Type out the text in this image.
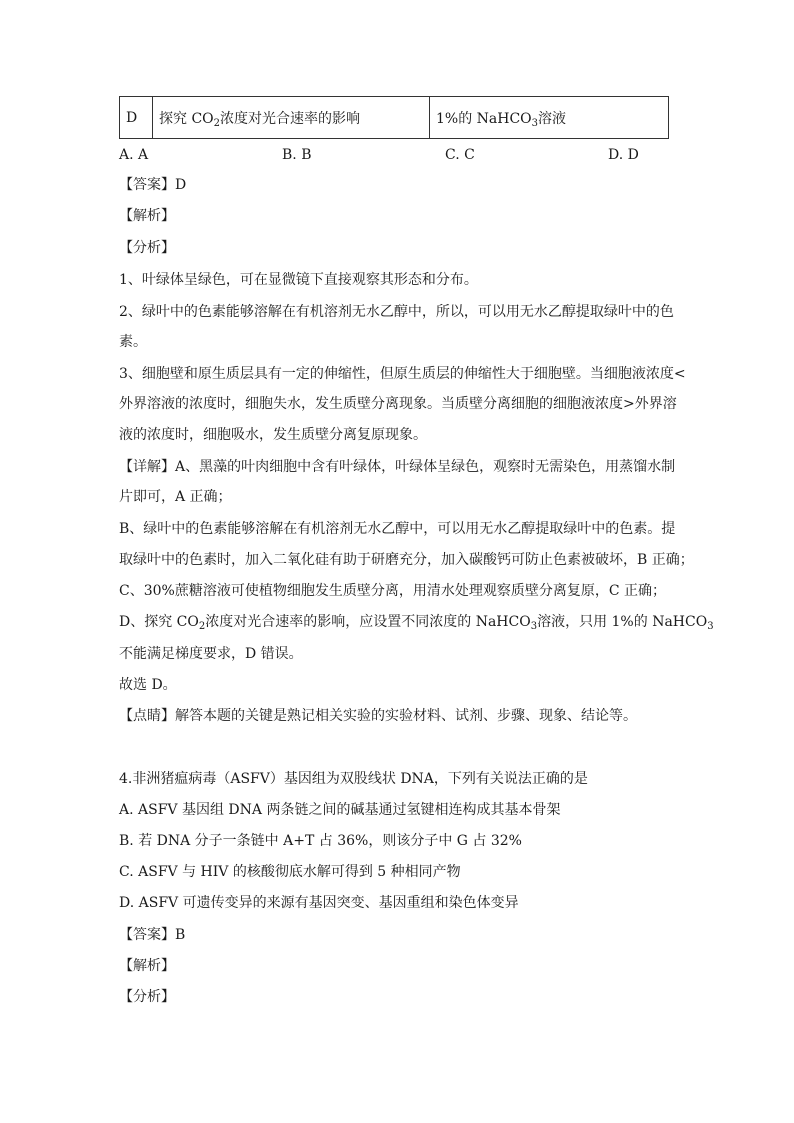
D	探究 $CO_2$浓度对光合速率的影响	1%的 NaHCO$_3$溶液
A. A	B. B	C. C	D. D
【答案】D
【解析】
【分析】
1、叶绿体呈绿色，可在显微镜下直接观察其形态和分布。
2、绿叶中的色素能够溶解在有机溶剂无水乙醇中，所以，可以用无水乙醇提取绿叶中的色
素。
3、细胞壁和原生质层具有一定的伸缩性，但原生质层的伸缩性大于细胞壁。当细胞液浓度<
外界溶液的浓度时，细胞失水，发生质壁分离现象。当质壁分离细胞的细胞液浓度>外界溶
液的浓度时，细胞吸水，发生质壁分离复原现象。
【详解】A、黑藻的叶肉细胞中含有叶绿体，叶绿体呈绿色，观察时无需染色，用蒸馏水制
片即可，A 正确；
B、绿叶中的色素能够溶解在有机溶剂无水乙醇中，可以用无水乙醇提取绿叶中的色素。提
取绿叶中的色素时，加入二氧化硅有助于研磨充分，加入碳酸钙可防止色素被破坏，B 正确；
C、30%蔗糖溶液可使植物细胞发生质壁分离，用清水处理观察质壁分离复原，C 正确；
D、探究 $CO_2$浓度对光合速率的影响，应设置不同浓度的 NaHCO$_3$溶液，只用 1%的 NaHCO$_3$
不能满足梯度要求，D 错误。
故选 D。
【点睛】解答本题的关键是熟记相关实验的实验材料、试剂、步骤、现象、结论等。
4.非洲猪瘟病毒（ASFV）基因组为双股线状 DNA，下列有关说法正确的是
A. ASFV 基因组 DNA 两条链之间的碱基通过氢键相连构成其基本骨架
B. 若 DNA 分子一条链中 A+T 占 36%，则该分子中 G 占 32%
C. ASFV 与 HIV 的核酸彻底水解可得到 5 种相同产物
D. ASFV 可遗传变异的来源有基因突变、基因重组和染色体变异
【答案】B
【解析】
【分析】
